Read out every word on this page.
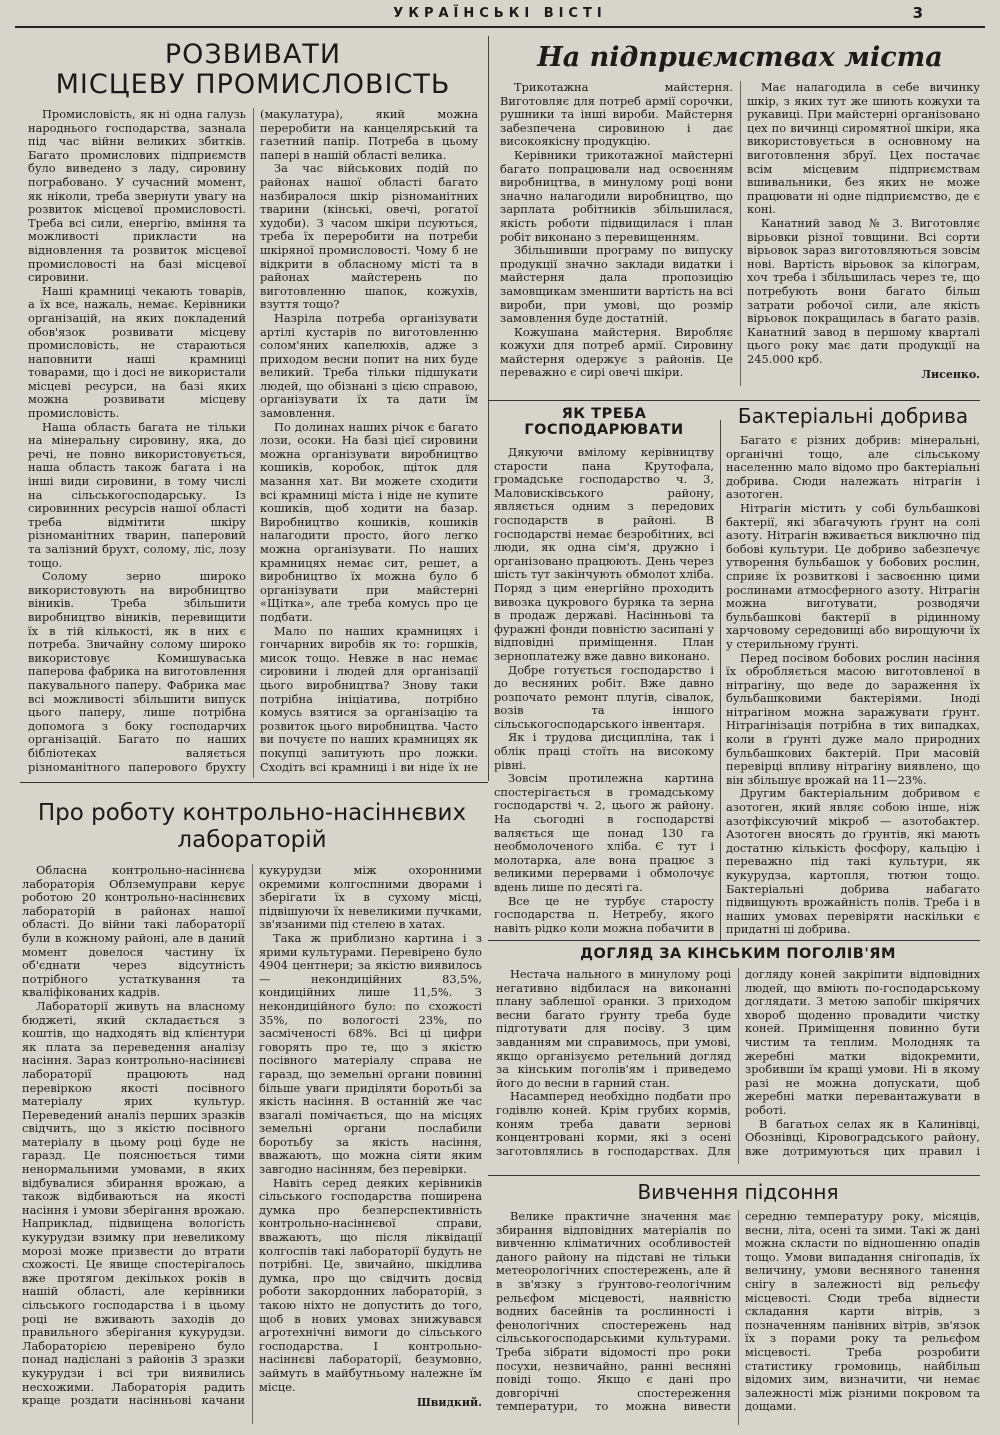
УКРАЇНСЬКІ ВІСТІ	3
РОЗВИВАТИ
МІСЦЕВУ ПРОМИСЛОВІСТЬ

Промисловість, як ні одна галузь народнього господарства, зазнала під час війни великих збитків. Багато промислових підприємств було виведено з ладу, сировину пограбовано. У сучасний момент, як ніколи, треба звернути увагу на розвиток місцевої промисловості. Треба всі сили, енергію, вміння та можливості прикласти на відновлення та розвиток місцевої промисловості на базі місцевої сировини.

Наші крамниці чекають товарів, а їх все, нажаль, немає. Керівники організацій, на яких покладений обов'язок розвивати місцеву промисловість, не стараються наповнити наші крамниці товарами, що і досі не використали місцеві ресурси, на базі яких можна розвивати місцеву промисловість.

Наша область багата не тільки на мінеральну сировину, яка, до речі, не повно використовується, наша область також багата і на інші види сировини, в тому числі на сільськогосподарську. Із сировинних ресурсів нашої області треба відмітити шкіру різноманітних тварин, паперовий та залізний брухт, солому, ліс, лозу тощо.

Солому зерно широко використовують на виробництво віників. Треба збільшити виробництво віників, перевищити їх в тій кількості, як в них є потреба. Звичайну солому широко використовує Комишуваська паперова фабрика на виготовлення пакувального паперу. Фабрика має всі можливості збільшити випуск цього паперу, лише потрібна допомога з боку господарчих організацій. Багато по наших бібліотеках валяється різноманітного паперового брухту (макулатура), який можна переробити на канцелярський та газетний папір. Потреба в цьому папері в нашій області велика.

За час військових подій по районах нашої області багато назбиралося шкір різноманітних тварини (кінські, овечі, рогатої худоби). З часом шкіри псуються, треба їх переробити на потреби шкіряної промисловості. Чому б не відкрити в обласному місті та в районах майстерень по виготовленню шапок, кожухів, взуття тощо?

Назріла потреба організувати артілі кустарів по виготовленню солом'яних капелюхів, адже з приходом весни попит на них буде великий. Треба тільки підшукати людей, що обізнані з цією справою, організувати їх та дати їм замовлення.

По долинах наших річок є багато лози, осоки. На базі цієї сировини можна організувати виробництво кошиків, коробок, щіток для мазання хат. Ви можете сходити всі крамниці міста і ніде не купите кошиків, щоб ходити на базар. Виробництво кошиків, кошиків налагодити просто, його легко можна організувати. По наших крамницях немає сит, решет, а виробництво їх можна було б організувати при майстерні «Щітка», але треба комусь про це подбати.

Мало по наших крамницях і гончарних виробів як то: горшків, мисок тощо. Невже в нас немає сировини і людей для організації цього виробництва? Знову таки потрібна ініціатива, потрібно комусь взятися за організацію та розвиток цього виробництва. Часто ви почуєте по наших крамницях як покупці запитують про ложки. Сходіть всі крамниці і ви ніде їх не

На підприємствах міста

Трикотажна майстерня. Виготовляє для потреб армії сорочки, рушники та інші вироби. Майстерня забезпечена сировиною і дає високоякісну продукцію.

Керівники трикотажної майстерні багато попрацювали над освоєнням виробництва, в минулому році вони значно налагодили виробництво, що зарплата робітників збільшилася, якість роботи підвищилася і план робіт виконано з перевищенням.

Збільшивши програму по випуску продукції значно заклади видатки і майстерня дала пропозицію замовщикам зменшити вартість на всі вироби, при умові, що розмір замовлення буде достатній.

Кожушана майстерня. Виробляє кожухи для потреб армії. Сировину майстерня одержує з районів. Це переважно є сирі овечі шкіри.

Має налагодила в себе вичинку шкір, з яких тут же шиють кожухи та рукавиці. При майстерні організовано цех по вичинці сиромятної шкіри, яка використовується в основному на виготовлення збруї. Цех постачає всім місцевим підприємствам вшивальники, без яких не може працювати ні одне підприємство, де є коні.

Канатний завод № 3. Виготовляє вірьовки різної товщини. Всі сорти вірьовок зараз виготовляються зовсім нові. Вартість вірьовок за кілограм, хоч треба і збільшилась через те, що потребують вони багато більш затрати робочої сили, але якість вірьовок покращилась в багато разів. Канатний завод в першому кварталі цього року має дати продукції на 245.000 крб.

Лисенко.
ЯК ТРЕБА ГОСПОДАРЮВАТИ

Дякуючи вмілому керівництву старости пана Крутофала, громадське господарство ч. 3, Маловисківського району, являється одним з передових господарств в районі. В господарстві немає безробітних, всі люди, як одна сім'я, дружно і організовано працюють. День через шість тут закінчують обмолот хліба. Поряд з цим енергійно проходить вивозка цукрового буряка та зерна в продаж державі. Насінньові та фуражні фонди повністю засипані у відповідні приміщення. План зерноплатежу вже давно виконано.

Добре готується господарство і до весняних робіт. Вже давно розпочато ремонт плугів, сівалок, возів та іншого сільськогосподарського інвентаря.

Як і трудова дисципліна, так і облік праці стоїть на високому рівні.

Зовсім протилежна картина спостерігається в громадському господарстві ч. 2, цього ж району. На сьогодні в господарстві валяється ще понад 130 га необмолоченого хліба. Є тут і молотарка, але вона працює з великими перервами і обмолочує вдень лише по десяті га.

Все це не турбує старосту господарства п. Нетребу, якого навіть рідко коли можна побачити в

Бактеріальні добрива

Багато є різних добрив: мінеральні, органічні тощо, але сільському населенню мало відомо про бактеріальні добрива. Сюди належать нітрагін і азотоген.

Нітрагін містить у собі бульбашкові бактерії, які збагачують ґрунт на солі азоту. Нітрагін вживається виключно під бобові культури. Це добриво забезпечує утворення бульбашок у бобових рослин, сприяє їх розвиткові і засвоєнню цими рослинами атмосферного азоту. Нітрагін можна виготувати, розводячи бульбашкові бактерії в рідинному харчовому середовищі або вирощуючи їх у стерильному ґрунті.

Перед посівом бобових рослин насіння їх обробляється масою виготовленої в нітрагіну, що веде до зараження їх бульбашковими бактеріями. Іноді нітрагіном можна заражувати ґрунт. Нітрагінізація потрібна в тих випадках, коли в ґрунті дуже мало природних бульбашкових бактерій. При масовій перевірці впливу нітрагіну виявлено, що він збільшує врожай на 11—23%.

Другим бактеріальним добривом є азотоген, який являє собою інше, ніж азотфіксуючий мікроб — азотобактер. Азотоген вносять до ґрунтів, які мають достатню кількість фосфору, кальцію і переважно під такі культури, як кукурудза, картопля, тютюн тощо. Бактеріальні добрива набагато підвищують врожайність полів. Треба і в наших умовах перевіряти наскільки є придатні ці добрива.

Про роботу контрольно-насіннєвих
лабораторій

Обласна контрольно-насіннєва лабораторія Облземуправи керує роботою 20 контрольно-насіннєвих лабораторій в районах нашої області. До війни такі лабораторії були в кожному районі, але в даний момент довелося частину їх об'єднати через відсутність потрібного устаткування та кваліфікованих кадрів.

Лабораторії живуть на власному бюджеті, який складається з коштів, що надходять від клієнтури як плата за переведення аналізу насіння. Зараз контрольно-насіннєві лабораторії працюють над перевіркою якості посівного матеріалу ярих культур. Переведений аналіз перших зразків свідчить, що з якістю посівного матеріалу в цьому році буде не гаразд. Це пояснюється тими ненормальними умовами, в яких відбувалися збирання врожаю, а також відбиваються на якості насіння і умови зберігання врожаю. Наприклад, підвищена вологість кукурудзи взимку при невеликому морозі може призвести до втрати схожості. Це явище спостерігалось вже протягом декількох років в нашій області, але керівники сільського господарства і в цьому році не вживають заходів до правильного зберігання кукурудзи. Лабораторією перевірено було понад надіслані з районів 3 зразки кукурудзи і всі три виявились несхожими. Лабораторія радить краще роздати насінньові качани кукурудзи між охоронними окремими колгоспними дворами і зберігати їх в сухому місці, підвішуючи їх невеликими пучками, зв'язаними під стелею в хатах.

Така ж приблизно картина і з ярими культурами. Перевірено було 4904 центнери; за якістю виявилось — некондиційних 83,5%, кондиційних лише 11,5%. З некондиційного було: по схожості 35%, по вологості 23%, по засміченості 68%. Всі ці цифри говорять про те, що з якістю посівного матеріалу справа не гаразд, що земельні органи повинні більше уваги приділяти боротьбі за якість насіння. В останній же час взагалі помічається, що на місцях земельні органи послабили боротьбу за якість насіння, вважають, що можна сіяти яким завгодно насінням, без перевірки.

Навіть серед деяких керівників сільського господарства поширена думка про безперспективність контрольно-насіннєвої справи, вважають, що після ліквідації колгоспів такі лабораторії будуть не потрібні. Це, звичайно, шкідлива думка, про що свідчить досвід роботи закордонних лабораторій, з такою ніхто не допустить до того, щоб в нових умовах знижувався агротехнічні вимоги до сільського господарства. І контрольно-насіннєві лабораторії, безумовно, займуть в майбутньому належне їм місце.

Швидкий.
ДОГЛЯД ЗА КІНСЬКИМ ПОГОЛІВ'ЯМ

Нестача нального в минулому році негативно відбилася на виконанні плану заблешої оранки. З приходом весни багато ґрунту треба буде підготувати для посіву. З цим завданням ми справимось, при умові, якщо організуємо ретельний догляд за кінським поголів'ям і приведемо його до весни в гарний стан.

Насамперед необхідно подбати про годівлю коней. Крім грубих кормів, коням треба давати зернові концентровані корми, які з осені заготовлялись в господарствах. Для догляду коней закріпити відповідних людей, що вміють по-господарському доглядати. З метою запобіг шкірячих хвороб щоденно провадити чистку коней. Приміщення повинно бути чистим та теплим. Молодняк та жеребні матки відокремити, зробивши їм кращі умови. Ні в якому разі не можна допускати, щоб жеребні матки перевантажувати в роботі.

В багатьох селах як в Калинівці, Обознівці, Кіровоградського району, вже дотримуються цих правил і

Вивчення підсоння

Велике практичне значення має збирання відповідних матеріалів по вивченню кліматичних особливостей даного району на підставі не тільки метеорологічних спостережень, але й в зв'язку з ґрунтово-геологічним рельєфом місцевості, наявністю водних басейнів та рослинності і фенологічних спостережень над сільськогосподарськими культурами. Треба зібрати відомості про роки посухи, незвичайно, ранні весняні повіді тощо. Якщо є дані про довгорічні спостереження температури, то можна вивести середню температуру року, місяців, весни, літа, осені та зими. Такі ж дані можна скласти по відношенню опадів тощо. Умови випадання снігопадів, їх величину, умови весняного танення снігу в залежності від рельєфу місцевості. Сюди треба віднести складання карти вітрів, з позначенням панівних вітрів, зв'язок їх з порами року та рельєфом місцевості. Треба розробити статистику громовиць, найбільш відомих зим, визначити, чи немає залежності між різними покровом та дощами.
